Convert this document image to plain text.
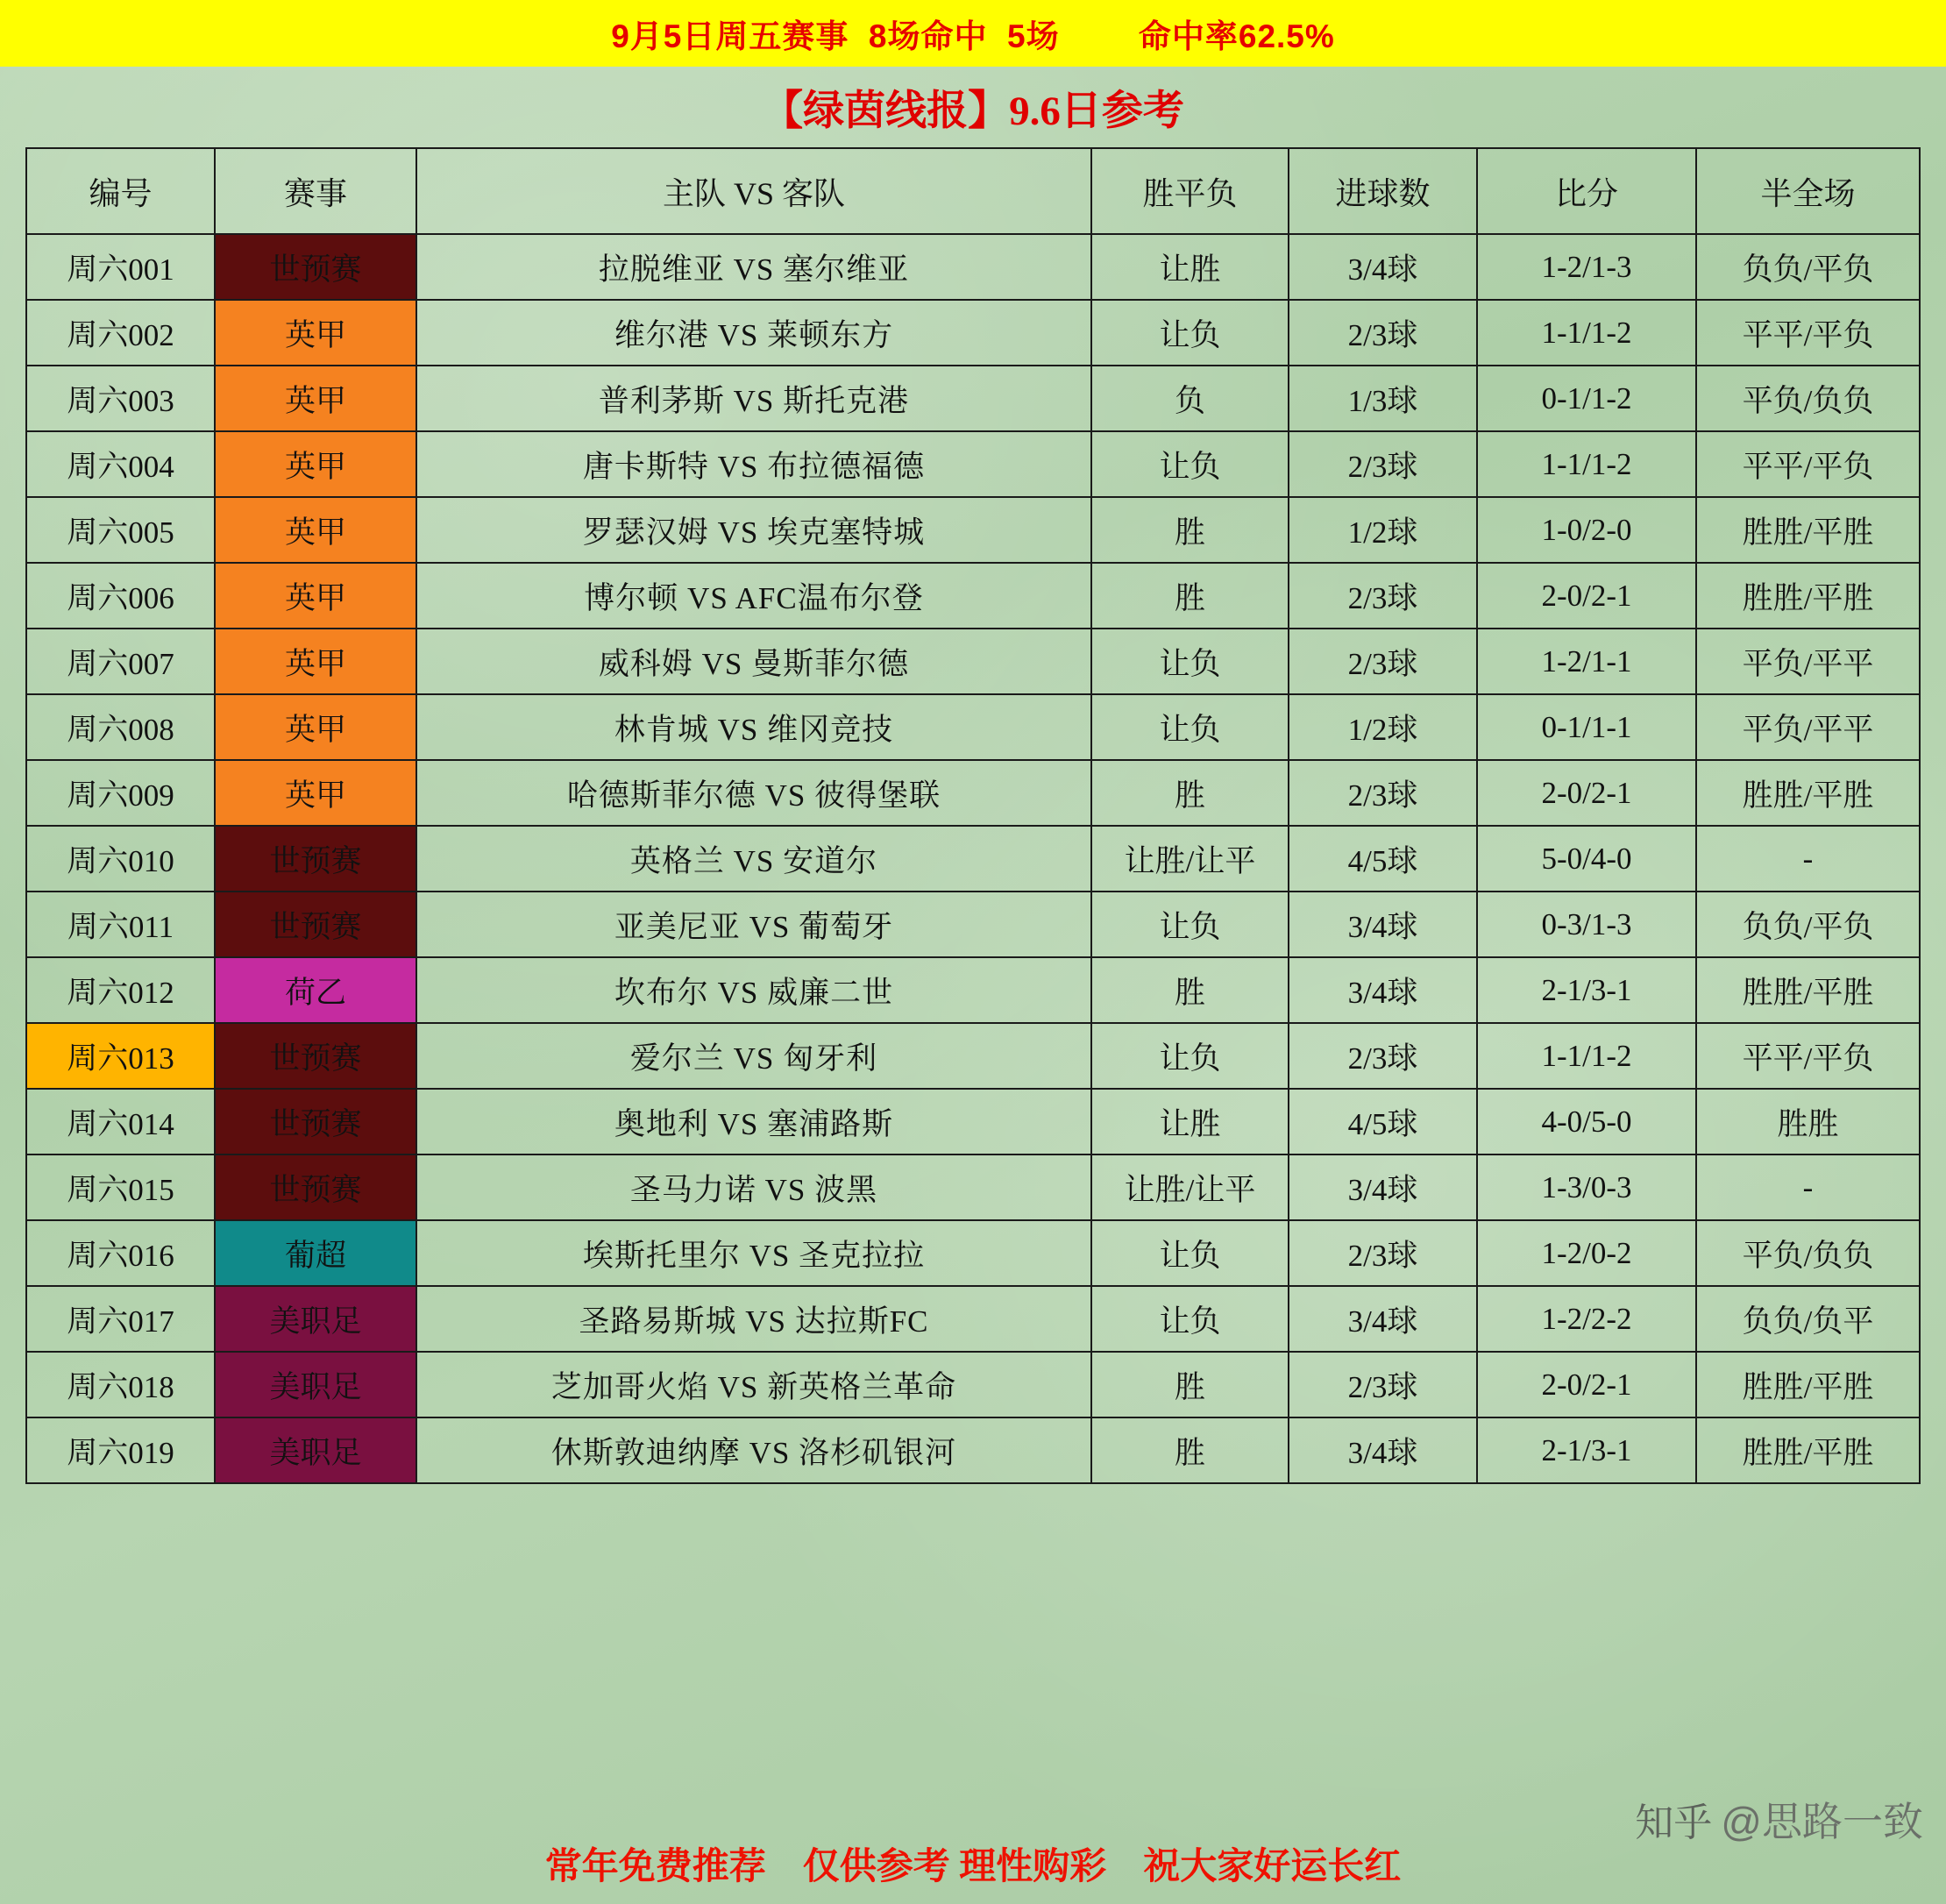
9月5日周五赛事  8场命中  5场        命中率62.5%
【绿茵线报】9.6日参考
编号	赛事	主队 VS 客队	胜平负	进球数	比分	半全场
周六001	世预赛	拉脱维亚 VS 塞尔维亚	让胜	3/4球	1-2/1-3	负负/平负
周六002	英甲	维尔港 VS 莱顿东方	让负	2/3球	1-1/1-2	平平/平负
周六003	英甲	普利茅斯 VS 斯托克港	负	1/3球	0-1/1-2	平负/负负
周六004	英甲	唐卡斯特 VS 布拉德福德	让负	2/3球	1-1/1-2	平平/平负
周六005	英甲	罗瑟汉姆 VS 埃克塞特城	胜	1/2球	1-0/2-0	胜胜/平胜
周六006	英甲	博尔顿 VS AFC温布尔登	胜	2/3球	2-0/2-1	胜胜/平胜
周六007	英甲	威科姆 VS 曼斯菲尔德	让负	2/3球	1-2/1-1	平负/平平
周六008	英甲	林肯城 VS 维冈竞技	让负	1/2球	0-1/1-1	平负/平平
周六009	英甲	哈德斯菲尔德 VS 彼得堡联	胜	2/3球	2-0/2-1	胜胜/平胜
周六010	世预赛	英格兰 VS 安道尔	让胜/让平	4/5球	5-0/4-0	-
周六011	世预赛	亚美尼亚 VS 葡萄牙	让负	3/4球	0-3/1-3	负负/平负
周六012	荷乙	坎布尔 VS 威廉二世	胜	3/4球	2-1/3-1	胜胜/平胜
周六013	世预赛	爱尔兰 VS 匈牙利	让负	2/3球	1-1/1-2	平平/平负
周六014	世预赛	奥地利 VS 塞浦路斯	让胜	4/5球	4-0/5-0	胜胜
周六015	世预赛	圣马力诺 VS 波黑	让胜/让平	3/4球	1-3/0-3	-
周六016	葡超	埃斯托里尔 VS 圣克拉拉	让负	2/3球	1-2/0-2	平负/负负
周六017	美职足	圣路易斯城 VS 达拉斯FC	让负	3/4球	1-2/2-2	负负/负平
周六018	美职足	芝加哥火焰 VS 新英格兰革命	胜	2/3球	2-0/2-1	胜胜/平胜
周六019	美职足	休斯敦迪纳摩 VS 洛杉矶银河	胜	3/4球	2-1/3-1	胜胜/平胜
常年免费推荐    仅供参考 理性购彩    祝大家好运长红
知乎 @思路一致
